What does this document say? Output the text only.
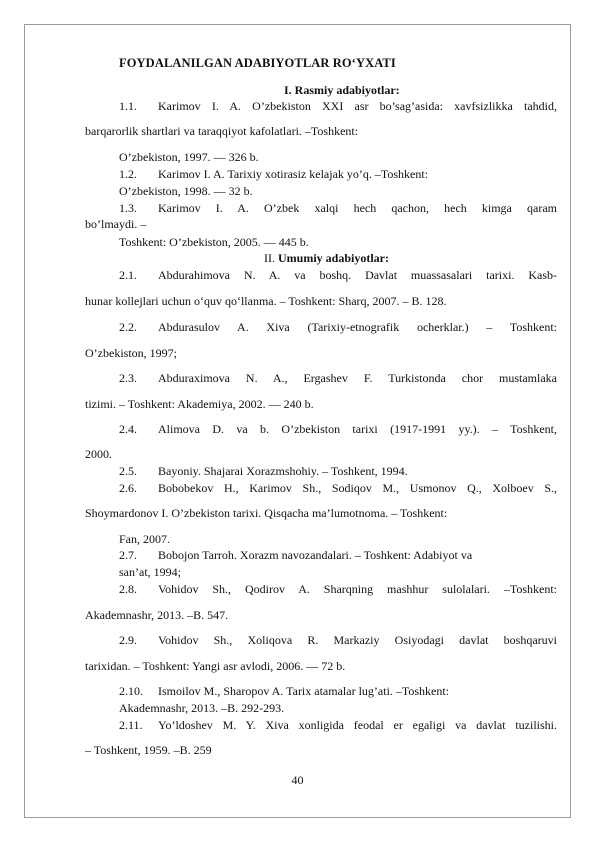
FOYDALANILGAN ADABIYOTLAR RO‘YXATI
I. Rasmiy adabiyotlar:
1.1. Karimov I. A. O’zbekiston XXI asr bo’sag’asida: xavfsizlikka tahdid,
barqarorlik shartlari va taraqqiyot kafolatlari. –Toshkent:
O’zbekiston, 1997. — 326 b.
1.2. Karimov I. A. Tarixiy xotirasiz kelajak yo’q. –Toshkent:
O’zbekiston, 1998. — 32 b.
1.3. Karimov I. A. O’zbek xalqi hech qachon, hech kimga qaram
bo’lmaydi. –
Toshkent: O’zbekiston, 2005. — 445 b.
II. Umumiy adabiyotlar:
2.1. Abdurahimova N. A. va boshq. Davlat muassasalari tarixi. Kasb-
hunar kollejlari uchun o‘quv qo‘llanma. – Toshkent: Sharq, 2007. – B. 128.
2.2. Abdurasulov A. Xiva (Tarixiy-etnografik ocherklar.) – Toshkent:
O’zbekiston, 1997;
2.3. Abduraximova N. A., Ergashev F. Turkistonda chor mustamlaka
tizimi. – Toshkent: Akademiya, 2002. — 240 b.
2.4. Alimova D. va b. O’zbekiston tarixi (1917-1991 yy.). – Toshkent,
2000.
2.5. Bayoniy. Shajarai Xorazmshohiy. – Toshkent, 1994.
2.6. Bobobekov H., Karimov Sh., Sodiqov M., Usmonov Q., Xolboev S.,
Shoymardonov I. O’zbekiston tarixi. Qisqacha ma’lumotnoma. – Toshkent:
Fan, 2007.
2.7. Bobojon Tarroh. Xorazm navozandalari. – Toshkent: Adabiyot va
san’at, 1994;
2.8. Vohidov Sh., Qodirov A. Sharqning mashhur sulolalari. –Toshkent:
Akademnashr, 2013. –B. 547.
2.9. Vohidov Sh., Xoliqova R. Markaziy Osiyodagi davlat boshqaruvi
tarixidan. – Toshkent: Yangi asr avlodi, 2006. — 72 b.
2.10. Ismoilov M., Sharopov A. Tarix atamalar lug’ati. –Toshkent:
Akademnashr, 2013. –B. 292-293.
2.11. Yo’ldoshev M. Y. Xiva xonligida feodal er egaligi va davlat tuzilishi.
– Toshkent, 1959. –B. 259
40
